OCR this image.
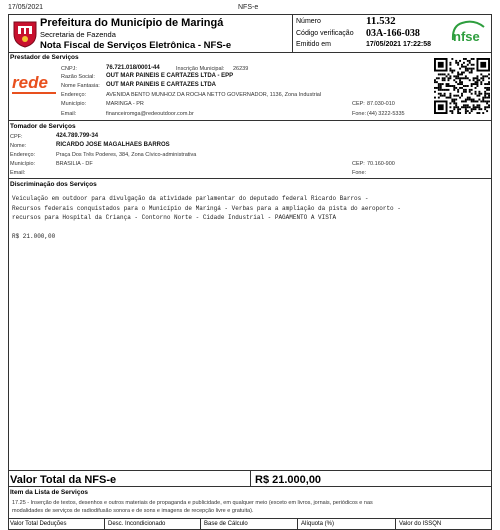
17/05/2021	NFS-e
Prefeitura do Município de Maringá
Secretaria de Fazenda
Nota Fiscal de Serviços Eletrônica - NFS-e
Número	11.532
Código verificação 03A-166-038
Emitido em	17/05/2021 17:22:58
nfse
Prestador de Serviços
rede
CNPJ:	76.721.018/0001-44	Inscrição Municipal: 26239
Razão Social: OUT MAR PAINEIS E CARTAZES LTDA - EPP
Nome Fantasia: OUT MAR PAINEIS E CARTAZES LTDA
Endereço:	AVENIDA BENTO MUNHOZ DA ROCHA NETTO GOVERNADOR, 1136, Zona Industrial
Município:	MARINGA - PR	CEP: 87.030-010
Email:	financeiromga@redeoutdoor.com.br	Fone: (44) 3222-5335
Tomador de Serviços
CPF:	424.789.799-34
Nome:	RICARDO JOSE MAGALHAES BARROS
Endereço:	Praça Dos Três Poderes, 384, Zona Cívico-administrativa
Município:	BRASILIA - DF	CEP: 70.160-900
Email:	Fone:
Discriminação dos Serviços
Veiculação em outdoor para divulgação da atividade parlamentar do deputado federal Ricardo Barros -
Recursos federais conquistados para o Município de Maringá - Verbas para a ampliação da pista do aeroporto -
recursos para Hospital da Criança - Contorno Norte - Cidade Industrial - PAGAMENTO A VISTA
R$ 21.000,00
Valor Total da NFS-e	R$ 21.000,00
Item da Lista de Serviços
17.25 - Inserção de textos, desenhos e outros materiais de propaganda e publicidade, em qualquer meio (exceto em livros, jornais, periódicos e nas
modalidades de serviços de radiodifusão sonora e de sons e imagens de recepção livre e gratuita).
Valor Total Deduções	Desc. Incondicionado	Base de Cálculo	Alíquota (%)	Valor do ISSQN
